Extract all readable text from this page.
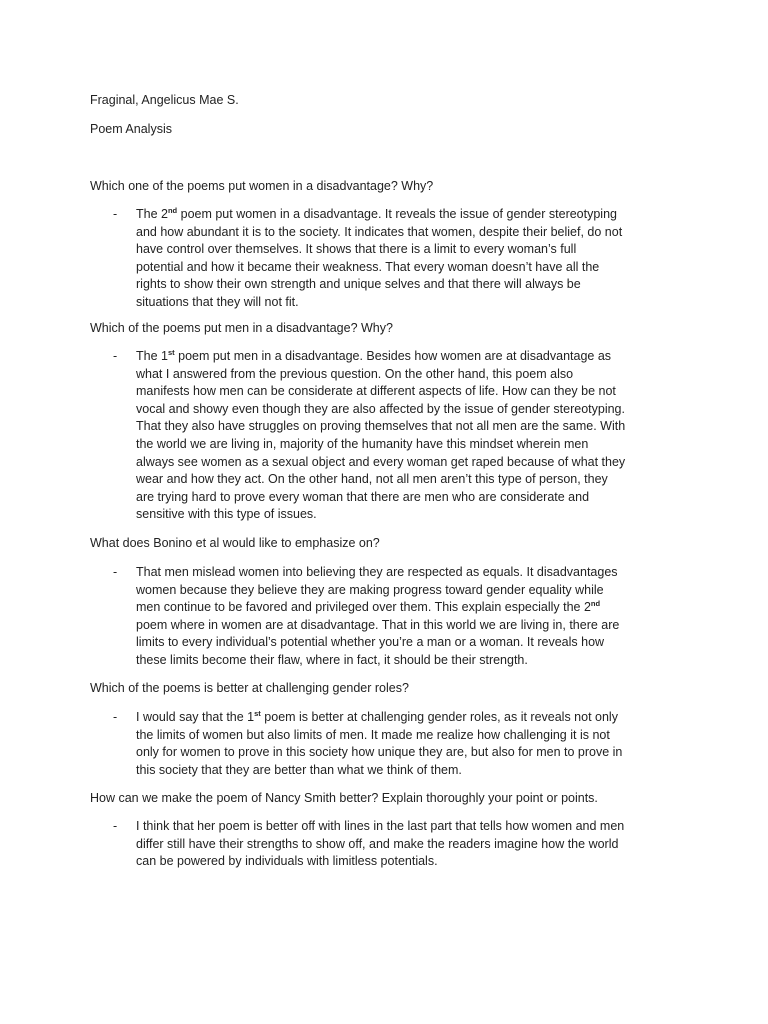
Fraginal, Angelicus Mae S.
Poem Analysis
Which one of the poems put women in a disadvantage? Why?
- The 2nd poem put women in a disadvantage. It reveals the issue of gender stereotyping
and how abundant it is to the society. It indicates that women, despite their belief, do not
have control over themselves. It shows that there is a limit to every woman’s full
potential and how it became their weakness. That every woman doesn’t have all the
rights to show their own strength and unique selves and that there will always be
situations that they will not fit.
Which of the poems put men in a disadvantage? Why?
- The 1st poem put men in a disadvantage. Besides how women are at disadvantage as
what I answered from the previous question. On the other hand, this poem also
manifests how men can be considerate at different aspects of life. How can they be not
vocal and showy even though they are also affected by the issue of gender stereotyping.
That they also have struggles on proving themselves that not all men are the same. With
the world we are living in, majority of the humanity have this mindset wherein men
always see women as a sexual object and every woman get raped because of what they
wear and how they act. On the other hand, not all men aren’t this type of person, they
are trying hard to prove every woman that there are men who are considerate and
sensitive with this type of issues.
What does Bonino et al would like to emphasize on?
- That men mislead women into believing they are respected as equals. It disadvantages
women because they believe they are making progress toward gender equality while
men continue to be favored and privileged over them. This explain especially the 2nd
poem where in women are at disadvantage. That in this world we are living in, there are
limits to every individual’s potential whether you’re a man or a woman. It reveals how
these limits become their flaw, where in fact, it should be their strength.
Which of the poems is better at challenging gender roles?
- I would say that the 1st poem is better at challenging gender roles, as it reveals not only
the limits of women but also limits of men. It made me realize how challenging it is not
only for women to prove in this society how unique they are, but also for men to prove in
this society that they are better than what we think of them.
How can we make the poem of Nancy Smith better? Explain thoroughly your point or points.
- I think that her poem is better off with lines in the last part that tells how women and men
differ still have their strengths to show off, and make the readers imagine how the world
can be powered by individuals with limitless potentials.
